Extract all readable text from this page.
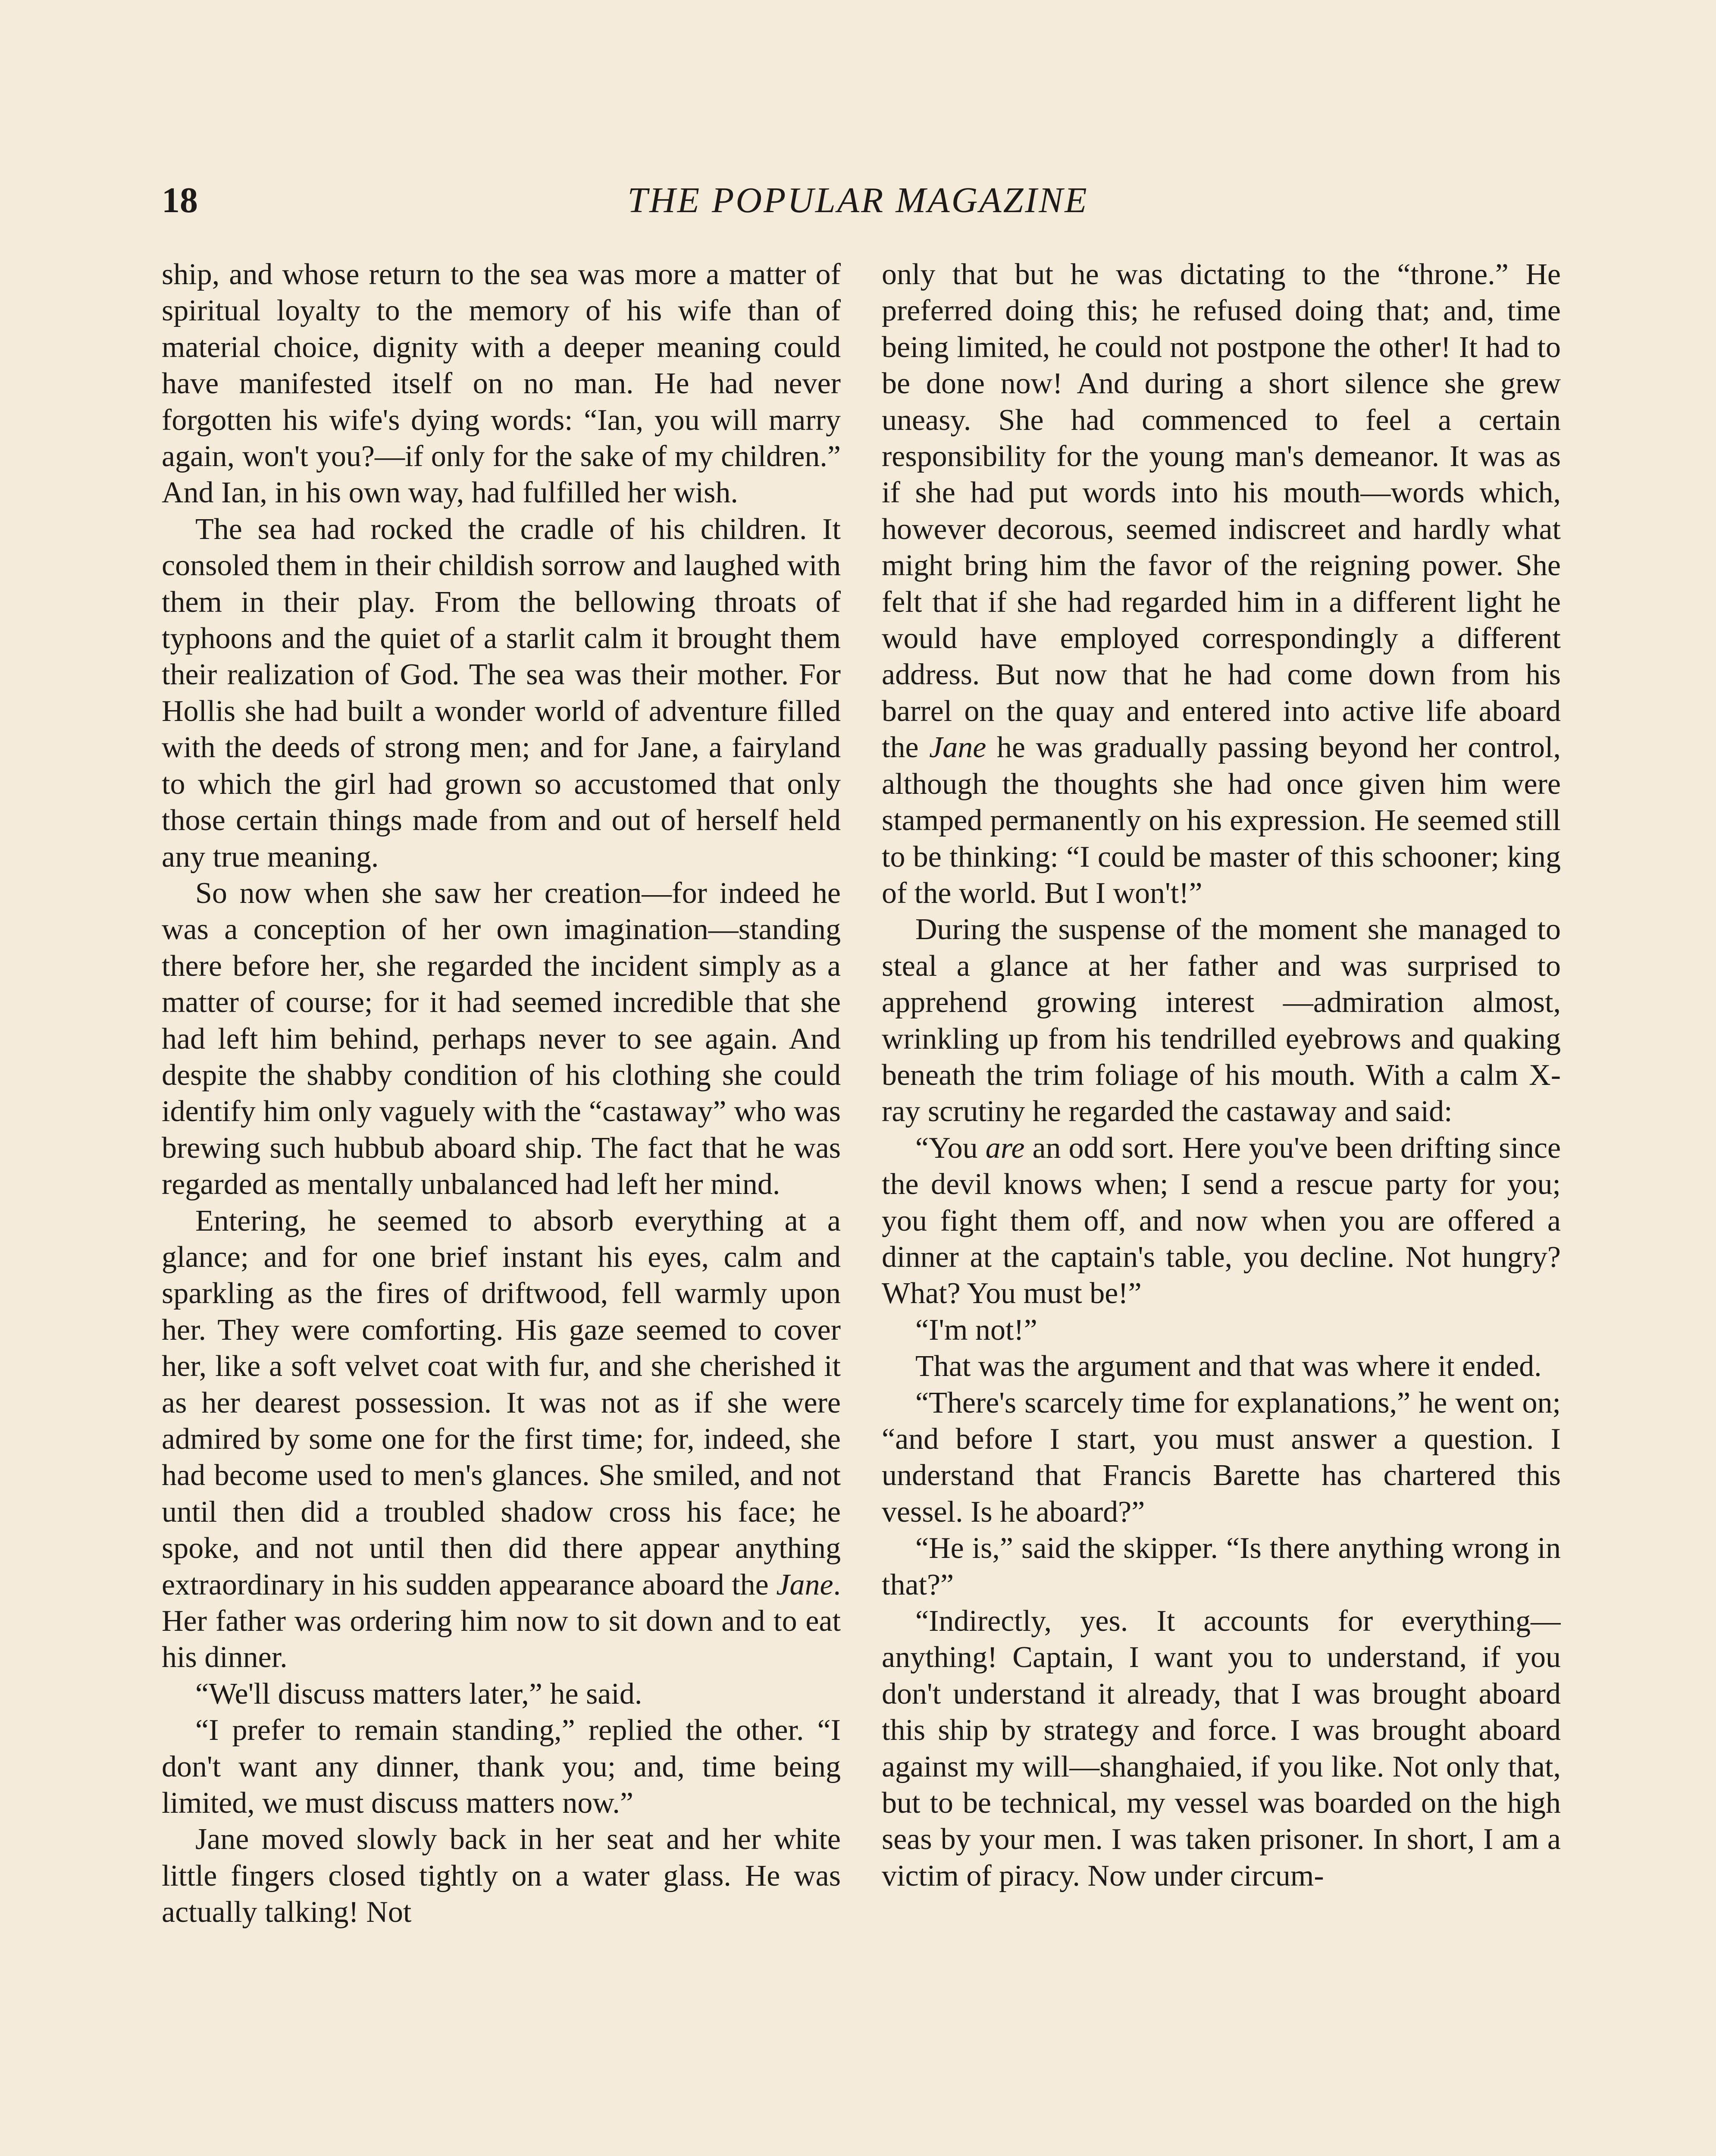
18	THE POPULAR MAGAZINE

ship, and whose return to the sea was more a matter of spiritual loyalty to the memory of his wife than of material choice, dignity with a deeper meaning could have manifested itself on no man. He had never forgotten his wife's dying words: “Ian, you will marry again, won't you?—if only for the sake of my children.” And Ian, in his own way, had fulfilled her wish.

The sea had rocked the cradle of his children. It consoled them in their childish sorrow and laughed with them in their play. From the bellowing throats of typhoons and the quiet of a starlit calm it brought them their realization of God. The sea was their mother. For Hollis she had built a wonder world of adventure filled with the deeds of strong men; and for Jane, a fairyland to which the girl had grown so accustomed that only those certain things made from and out of herself held any true meaning.

So now when she saw her creation—for indeed he was a conception of her own imagination—standing there before her, she regarded the incident simply as a matter of course; for it had seemed incredible that she had left him behind, perhaps never to see again. And despite the shabby condition of his clothing she could identify him only vaguely with the “castaway” who was brewing such hubbub aboard ship. The fact that he was regarded as mentally unbalanced had left her mind.

Entering, he seemed to absorb everything at a glance; and for one brief instant his eyes, calm and sparkling as the fires of driftwood, fell warmly upon her. They were comforting. His gaze seemed to cover her, like a soft velvet coat with fur, and she cherished it as her dearest possession. It was not as if she were admired by some one for the first time; for, indeed, she had become used to men's glances. She smiled, and not until then did a troubled shadow cross his face; he spoke, and not until then did there appear anything extraordinary in his sudden appearance aboard the Jane. Her father was ordering him now to sit down and to eat his dinner.

“We'll discuss matters later,” he said.

“I prefer to remain standing,” replied the other. “I don't want any dinner, thank you; and, time being limited, we must discuss matters now.”

Jane moved slowly back in her seat and her white little fingers closed tightly on a water glass. He was actually talking! Not

only that but he was dictating to the “throne.” He preferred doing this; he refused doing that; and, time being limited, he could not postpone the other! It had to be done now! And during a short silence she grew uneasy. She had commenced to feel a certain responsibility for the young man's demeanor. It was as if she had put words into his mouth—words which, however decorous, seemed indiscreet and hardly what might bring him the favor of the reigning power. She felt that if she had regarded him in a different light he would have employed correspondingly a different address. But now that he had come down from his barrel on the quay and entered into active life aboard the Jane he was gradually passing beyond her control, although the thoughts she had once given him were stamped permanently on his expression. He seemed still to be thinking: “I could be master of this schooner; king of the world. But I won't!”

During the suspense of the moment she managed to steal a glance at her father and was surprised to apprehend growing interest —admiration almost, wrinkling up from his tendrilled eyebrows and quaking beneath the trim foliage of his mouth. With a calm X-ray scrutiny he regarded the castaway and said:

“You are an odd sort. Here you've been drifting since the devil knows when; I send a rescue party for you; you fight them off, and now when you are offered a dinner at the captain's table, you decline. Not hungry? What? You must be!”

“I'm not!”

That was the argument and that was where it ended.

“There's scarcely time for explanations,” he went on; “and before I start, you must answer a question. I understand that Francis Barette has chartered this vessel. Is he aboard?”

“He is,” said the skipper. “Is there anything wrong in that?”

“Indirectly, yes. It accounts for everything—anything! Captain, I want you to understand, if you don't understand it already, that I was brought aboard this ship by strategy and force. I was brought aboard against my will—shanghaied, if you like. Not only that, but to be technical, my vessel was boarded on the high seas by your men. I was taken prisoner. In short, I am a victim of piracy. Now under circum-
